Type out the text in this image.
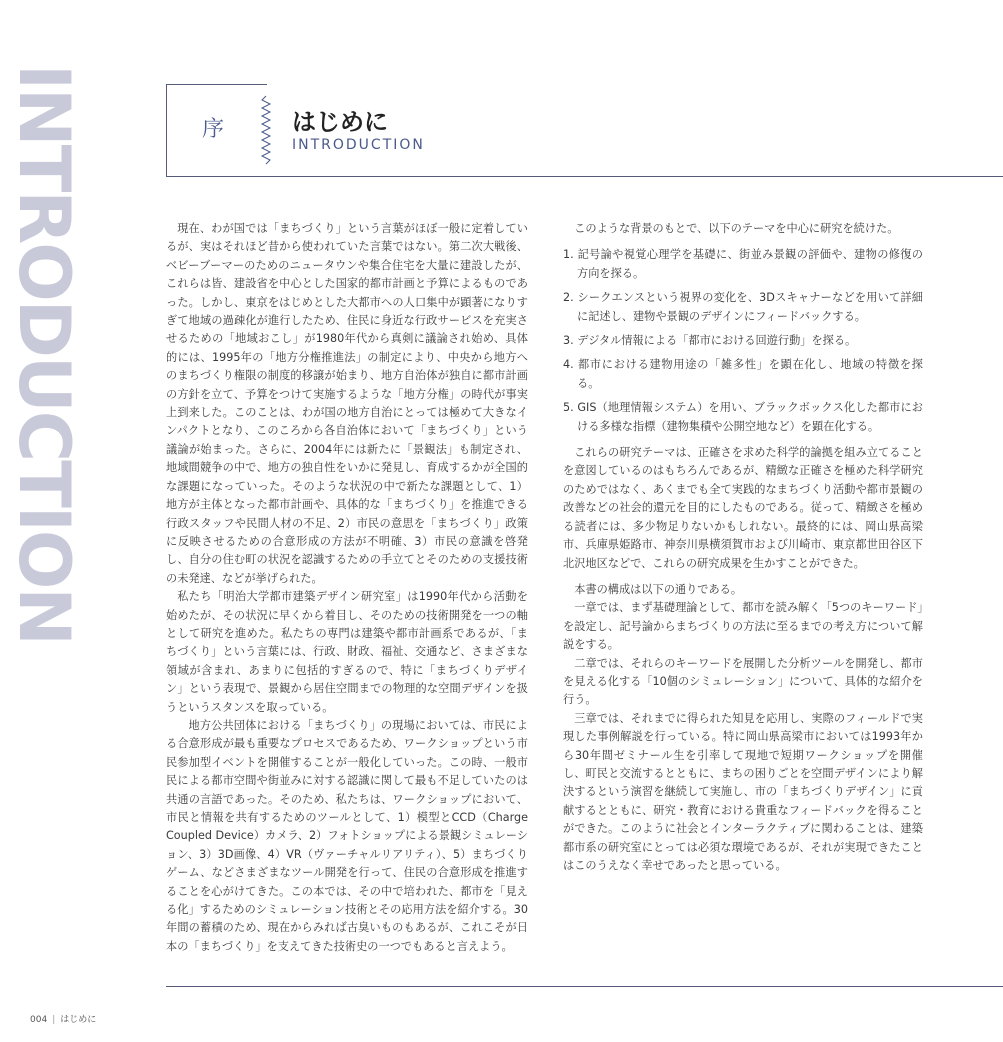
INTRODUCTION	序	はじめに
INTRODUCTION

現在、わが国では「まちづくり」という言葉がほぼ一般に定着しているが、実はそれほど昔から使われていた言葉ではない。第二次大戦後、ベビーブーマーのためのニュータウンや集合住宅を大量に建設したが、これらは皆、建設省を中心とした国家的都市計画と予算によるものであった。しかし、東京をはじめとした大都市への人口集中が顕著になりすぎて地域の過疎化が進行したため、住民に身近な行政サービスを充実させるための「地域おこし」が1980年代から真剣に議論され始め、具体的には、1995年の「地方分権推進法」の制定により、中央から地方へのまちづくり権限の制度的移譲が始まり、地方自治体が独自に都市計画の方針を立て、予算をつけて実施するような「地方分権」の時代が事実上到来した。このことは、わが国の地方自治にとっては極めて大きなインパクトとなり、このころから各自治体において「まちづくり」という議論が始まった。さらに、2004年には新たに「景観法」も制定され、地域間競争の中で、地方の独自性をいかに発見し、育成するかが全国的な課題になっていった。そのような状況の中で新たな課題として、1）地方が主体となった都市計画や、具体的な「まちづくり」を推進できる行政スタッフや民間人材の不足、2）市民の意思を「まちづくり」政策に反映させるための合意形成の方法が不明確、3）市民の意識を啓発し、自分の住む町の状況を認識するための手立てとそのための支援技術の未発達、などが挙げられた。

私たち「明治大学都市建築デザイン研究室」は1990年代から活動を始めたが、その状況に早くから着目し、そのための技術開発を一つの軸として研究を進めた。私たちの専門は建築や都市計画系であるが、「まちづくり」という言葉には、行政、財政、福祉、交通など、さまざまな領域が含まれ、あまりに包括的すぎるので、特に「まちづくりデザイン」という表現で、景観から居住空間までの物理的な空間デザインを扱うというスタンスを取っている。

　地方公共団体における「まちづくり」の現場においては、市民による合意形成が最も重要なプロセスであるため、ワークショップという市民参加型イベントを開催することが一般化していった。この時、一般市民による都市空間や街並みに対する認識に関して最も不足していたのは共通の言語であった。そのため、私たちは、ワークショップにおいて、市民と情報を共有するためのツールとして、1）模型とCCD（Charge Coupled Device）カメラ、2）フォトショップによる景観シミュレーション、3）3D画像、4）VR（ヴァーチャルリアリティ）、5）まちづくりゲーム、などさまざまなツール開発を行って、住民の合意形成を推進することを心がけてきた。この本では、その中で培われた、都市を「見える化」するためのシミュレーション技術とその応用方法を紹介する。30年間の蓄積のため、現在からみれば古臭いものもあるが、これこそが日本の「まちづくり」を支えてきた技術史の一つでもあると言えよう。

このような背景のもとで、以下のテーマを中心に研究を続けた。

1. 記号論や視覚心理学を基礎に、街並み景観の評価や、建物の修復の方向を探る。
2. シークエンスという視界の変化を、3Dスキャナーなどを用いて詳細に記述し、建物や景観のデザインにフィードバックする。
3. デジタル情報による「都市における回遊行動」を探る。
4. 都市における建物用途の「雑多性」を顕在化し、地域の特徴を探る。
5. GIS（地理情報システム）を用い、ブラックボックス化した都市における多様な指標（建物集積や公開空地など）を顕在化する。

これらの研究テーマは、正確さを求めた科学的論拠を組み立てることを意図しているのはもちろんであるが、精緻な正確さを極めた科学研究のためではなく、あくまでも全て実践的なまちづくり活動や都市景観の改善などの社会的還元を目的にしたものである。従って、精緻さを極める読者には、多少物足りないかもしれない。最終的には、岡山県高梁市、兵庫県姫路市、神奈川県横須賀市および川崎市、東京都世田谷区下北沢地区などで、これらの研究成果を生かすことができた。

本書の構成は以下の通りである。

一章では、まず基礎理論として、都市を読み解く「5つのキーワード」を設定し、記号論からまちづくりの方法に至るまでの考え方について解説をする。

二章では、それらのキーワードを展開した分析ツールを開発し、都市を見える化する「10個のシミュレーション」について、具体的な紹介を行う。

三章では、それまでに得られた知見を応用し、実際のフィールドで実現した事例解説を行っている。特に岡山県高梁市においては1993年から30年間ゼミナール生を引率して現地で短期ワークショップを開催し、町民と交流するとともに、まちの困りごとを空間デザインにより解決するという演習を継続して実施し、市の「まちづくりデザイン」に貢献するとともに、研究・教育における貴重なフィードバックを得ることができた。このように社会とインターラクティブに関わることは、建築都市系の研究室にとっては必須な環境であるが、それが実現できたことはこのうえなく幸せであったと思っている。

004 | はじめに
